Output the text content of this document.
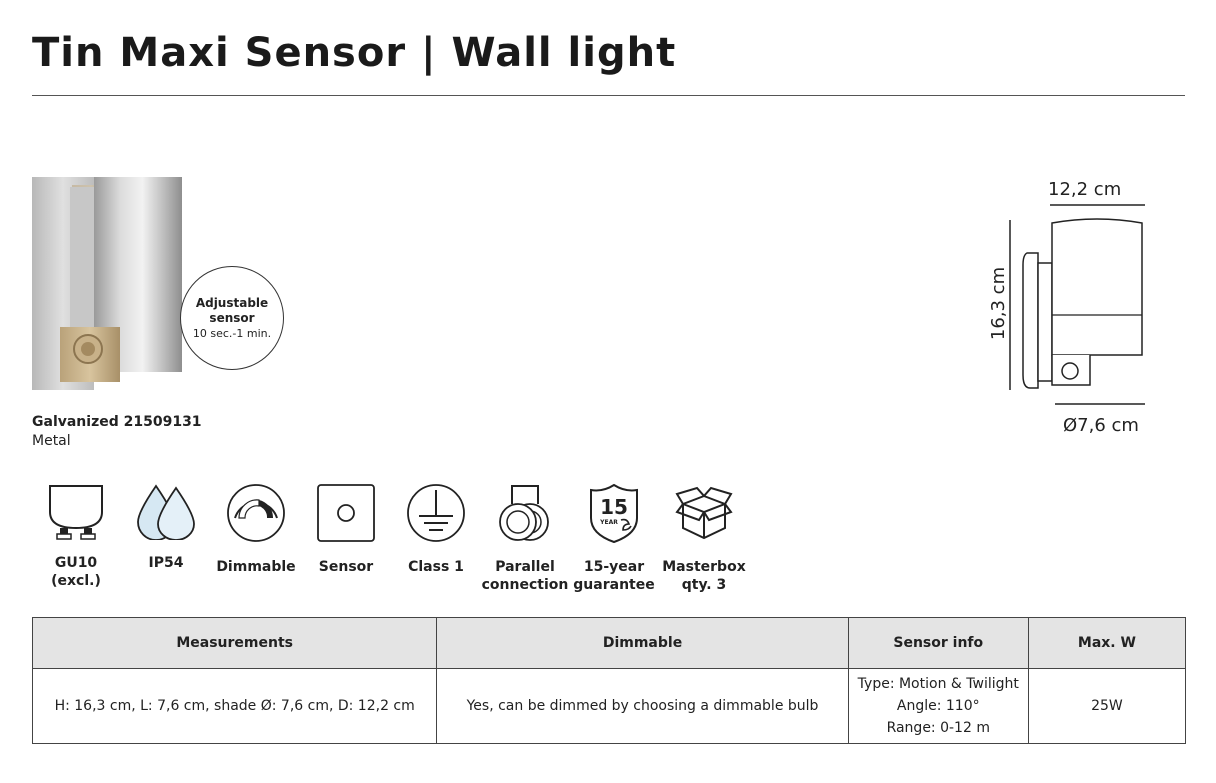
Tin Maxi Sensor | Wall light
Adjustable
sensor
10 sec.-1 min.
Galvanized 21509131
Metal
12,2 cm
16,3 cm
Ø7,6 cm
GU10
(excl.)
IP54	Dimmable	Sensor	Class 1	Parallel
connection
15
YEAR
15-year
guarantee
Masterbox
qty. 3
Measurements	Dimmable	Sensor info	Max. W
H: 16,3 cm, L: 7,6 cm, shade Ø: 7,6 cm, D: 12,2 cm	Yes, can be dimmed by choosing a dimmable bulb	Type: Motion & Twilight
Angle: 110°
Range: 0-12 m	25W
